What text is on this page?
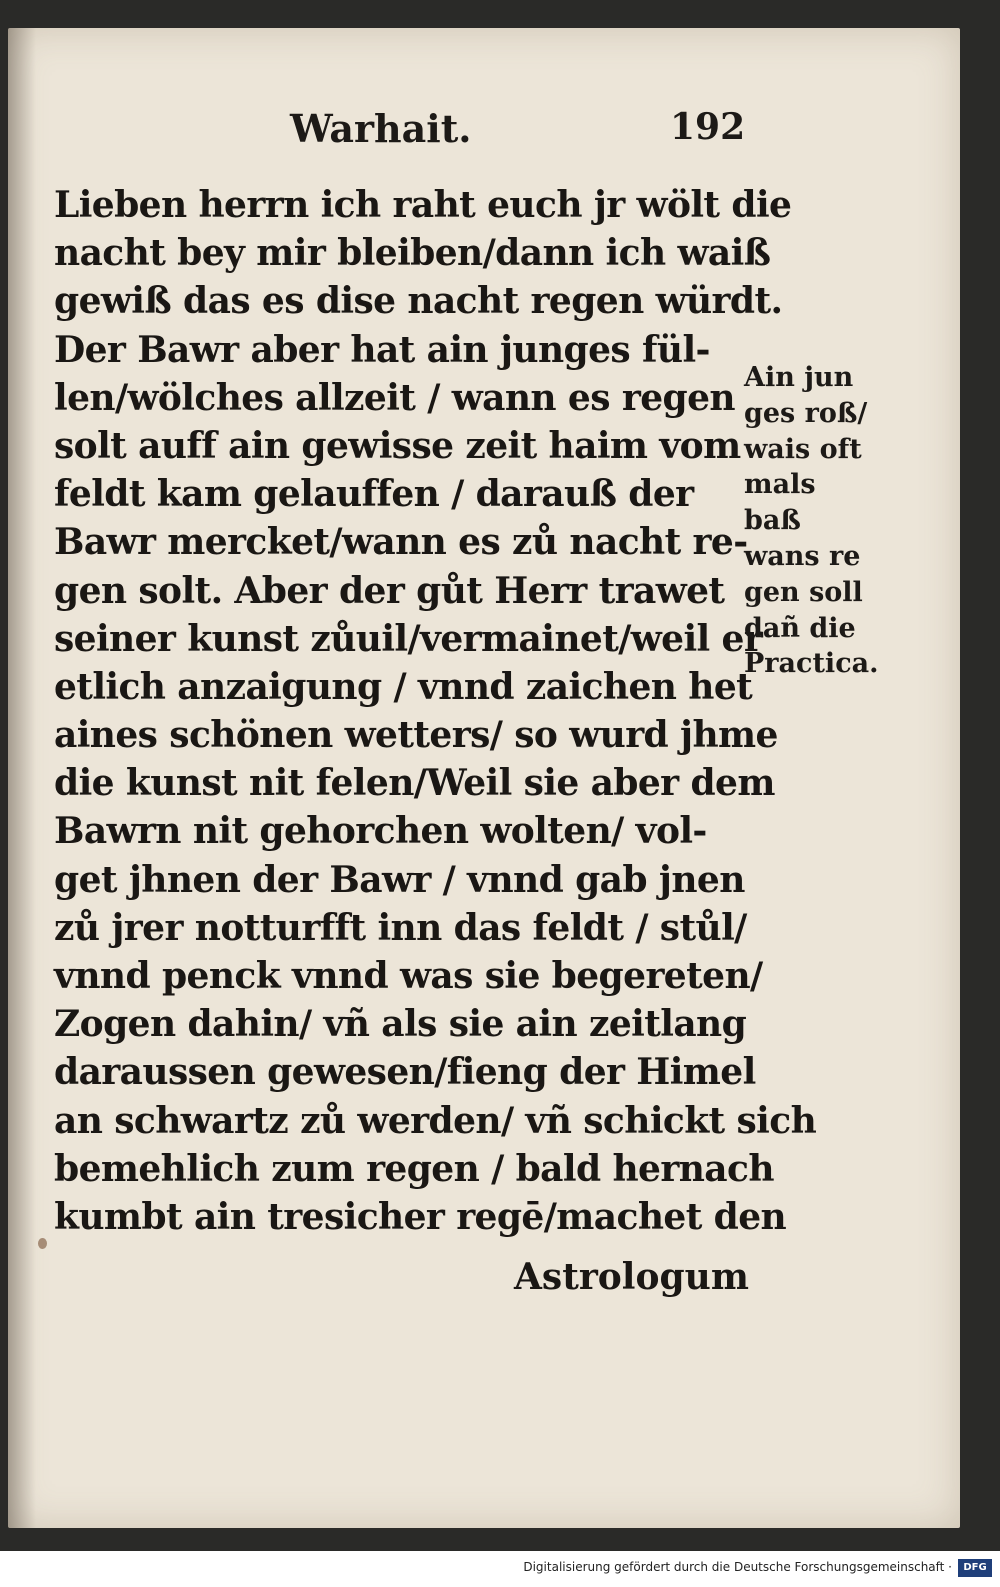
Warhait.	192
Lieben herrn ich raht euch jr wölt die
nacht bey mir bleiben/dann ich waiß
gewiß das es dise nacht regen würdt.
Der Bawr aber hat ain junges fül-
len/wölches allzeit / wann es regen
solt auff ain gewisse zeit haim vom
feldt kam gelauffen / darauß der
Bawr mercket/wann es zů nacht re-
gen solt. Aber der gůt Herr trawet
seiner kunst zůuil/vermainet/weil er
etlich anzaigung / vnnd zaichen het
aines schönen wetters/ so wurd jhme
die kunst nit felen/Weil sie aber dem
Bawrn nit gehorchen wolten/ vol-
get jhnen der Bawr / vnnd gab jnen
zů jrer notturfft inn das feldt / stůl/
vnnd penck vnnd was sie begereten/
Zogen dahin/ vñ als sie ain zeitlang
daraussen gewesen/fieng der Himel
an schwartz zů werden/ vñ schickt sich
bemehlich zum regen / bald hernach
kumbt ain tresicher regē/machet den
Astrologum
Ain jun
ges roß/
wais oft
mals
baß
wans re
gen soll
dañ die
Practica.
Digitalisierung gefördert durch die Deutsche Forschungsgemeinschaft ·	DFG
